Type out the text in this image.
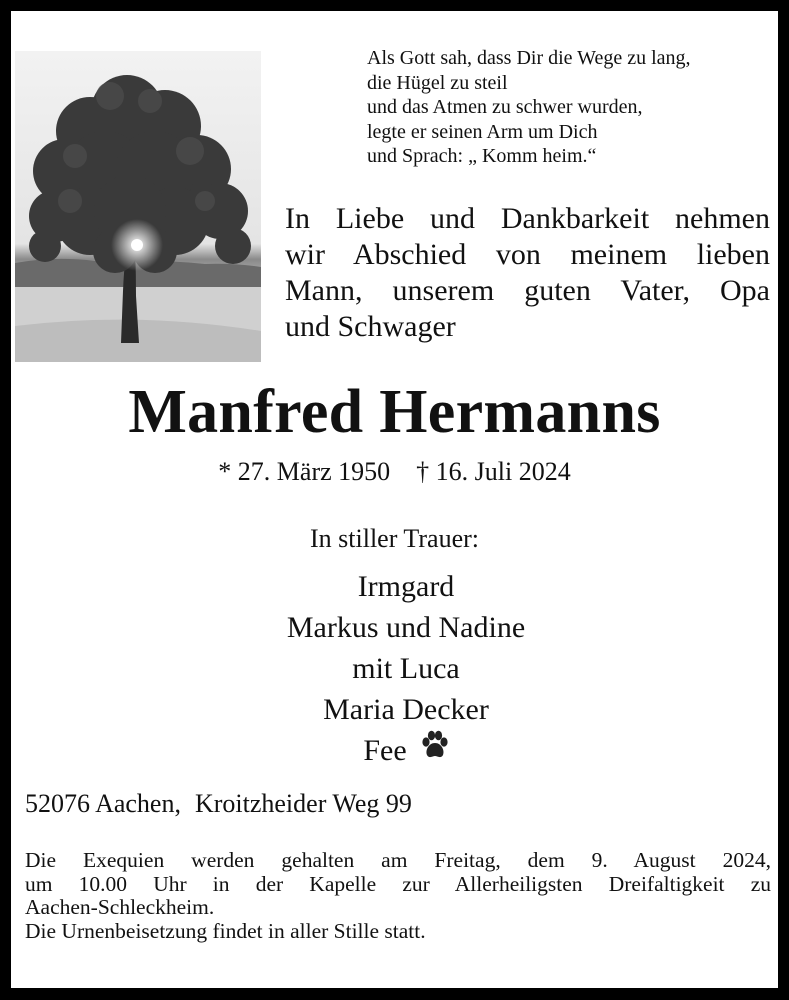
Als Gott sah, dass Dir die Wege zu lang,
die Hügel zu steil
und das Atmen zu schwer wurden,
legte er seinen Arm um Dich
und Sprach: „ Komm heim.“
In Liebe und Dankbarkeit nehmen
wir Abschied von meinem lieben
Mann, unserem guten Vater, Opa
und Schwager
Manfred Hermanns
* 27. März 1950 † 16. Juli 2024
In stiller Trauer:
Irmgard
Markus und Nadine
mit Luca
Maria Decker
Fee
52076 Aachen, Kroitzheider Weg 99
Die Exequien werden gehalten am Freitag, dem 9. August 2024,
um 10.00 Uhr in der Kapelle zur Allerheiligsten Dreifaltigkeit zu
Aachen-Schleckheim.
Die Urnenbeisetzung findet in aller Stille statt.
